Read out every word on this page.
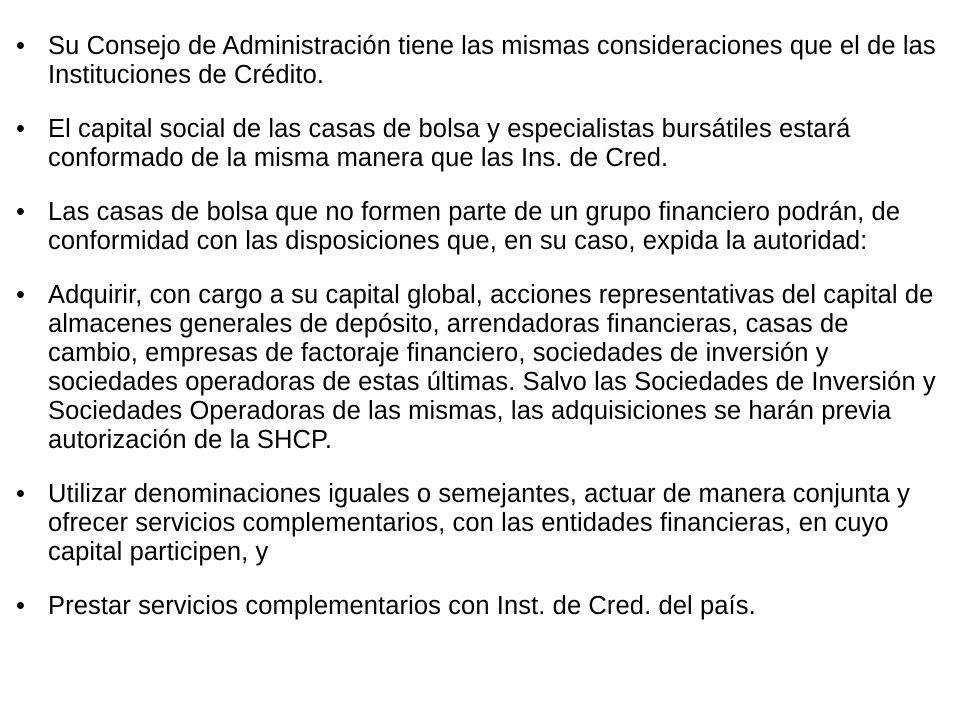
• Su Consejo de Administración tiene las mismas consideraciones que el de las Instituciones de Crédito.
• El capital social de las casas de bolsa y especialistas bursátiles estará conformado de la misma manera que las Ins. de Cred.
• Las casas de bolsa que no formen parte de un grupo financiero podrán, de conformidad con las disposiciones que, en su caso, expida la autoridad:
• Adquirir, con cargo a su capital global, acciones representativas del capital de almacenes generales de depósito, arrendadoras financieras, casas de cambio, empresas de factoraje financiero, sociedades de inversión y sociedades operadoras de estas últimas. Salvo las Sociedades de Inversión y Sociedades Operadoras de las mismas, las adquisiciones se harán previa autorización de la SHCP.
• Utilizar denominaciones iguales o semejantes, actuar de manera conjunta y ofrecer servicios complementarios, con las entidades financieras, en cuyo capital participen, y
• Prestar servicios complementarios con Inst. de Cred. del país.
